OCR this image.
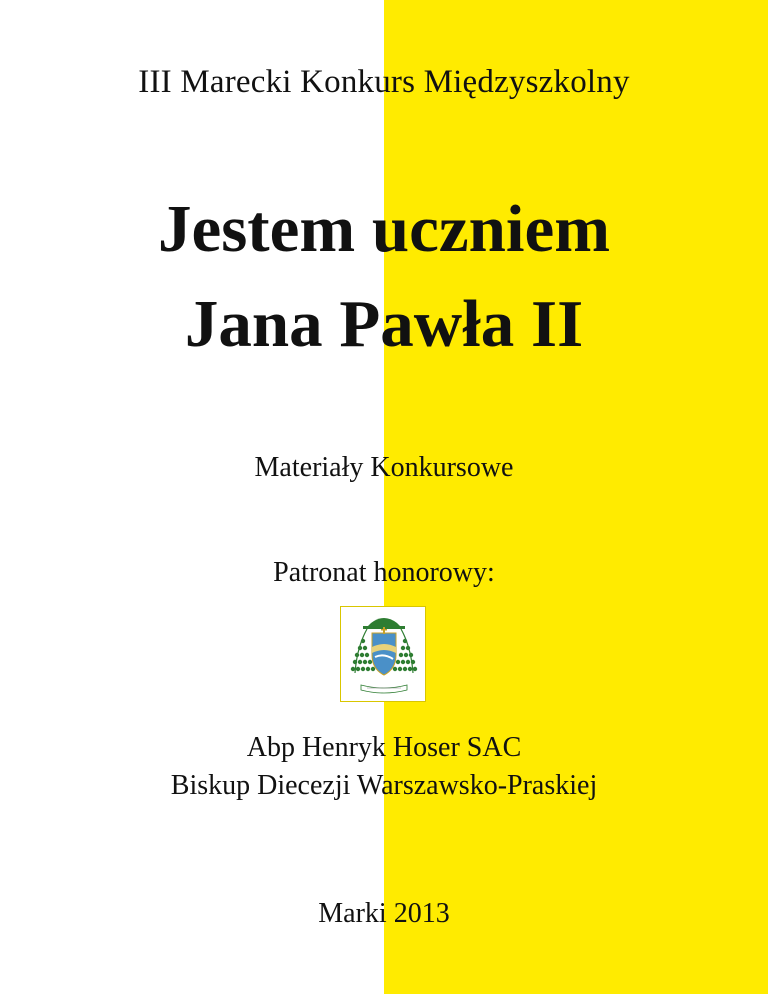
III Marecki Konkurs Międzyszkolny
Jestem uczniem
Jana Pawła II
Materiały Konkursowe
Patronat honorowy:
Abp Henryk Hoser SAC
Biskup Diecezji Warszawsko-Praskiej
Marki 2013
